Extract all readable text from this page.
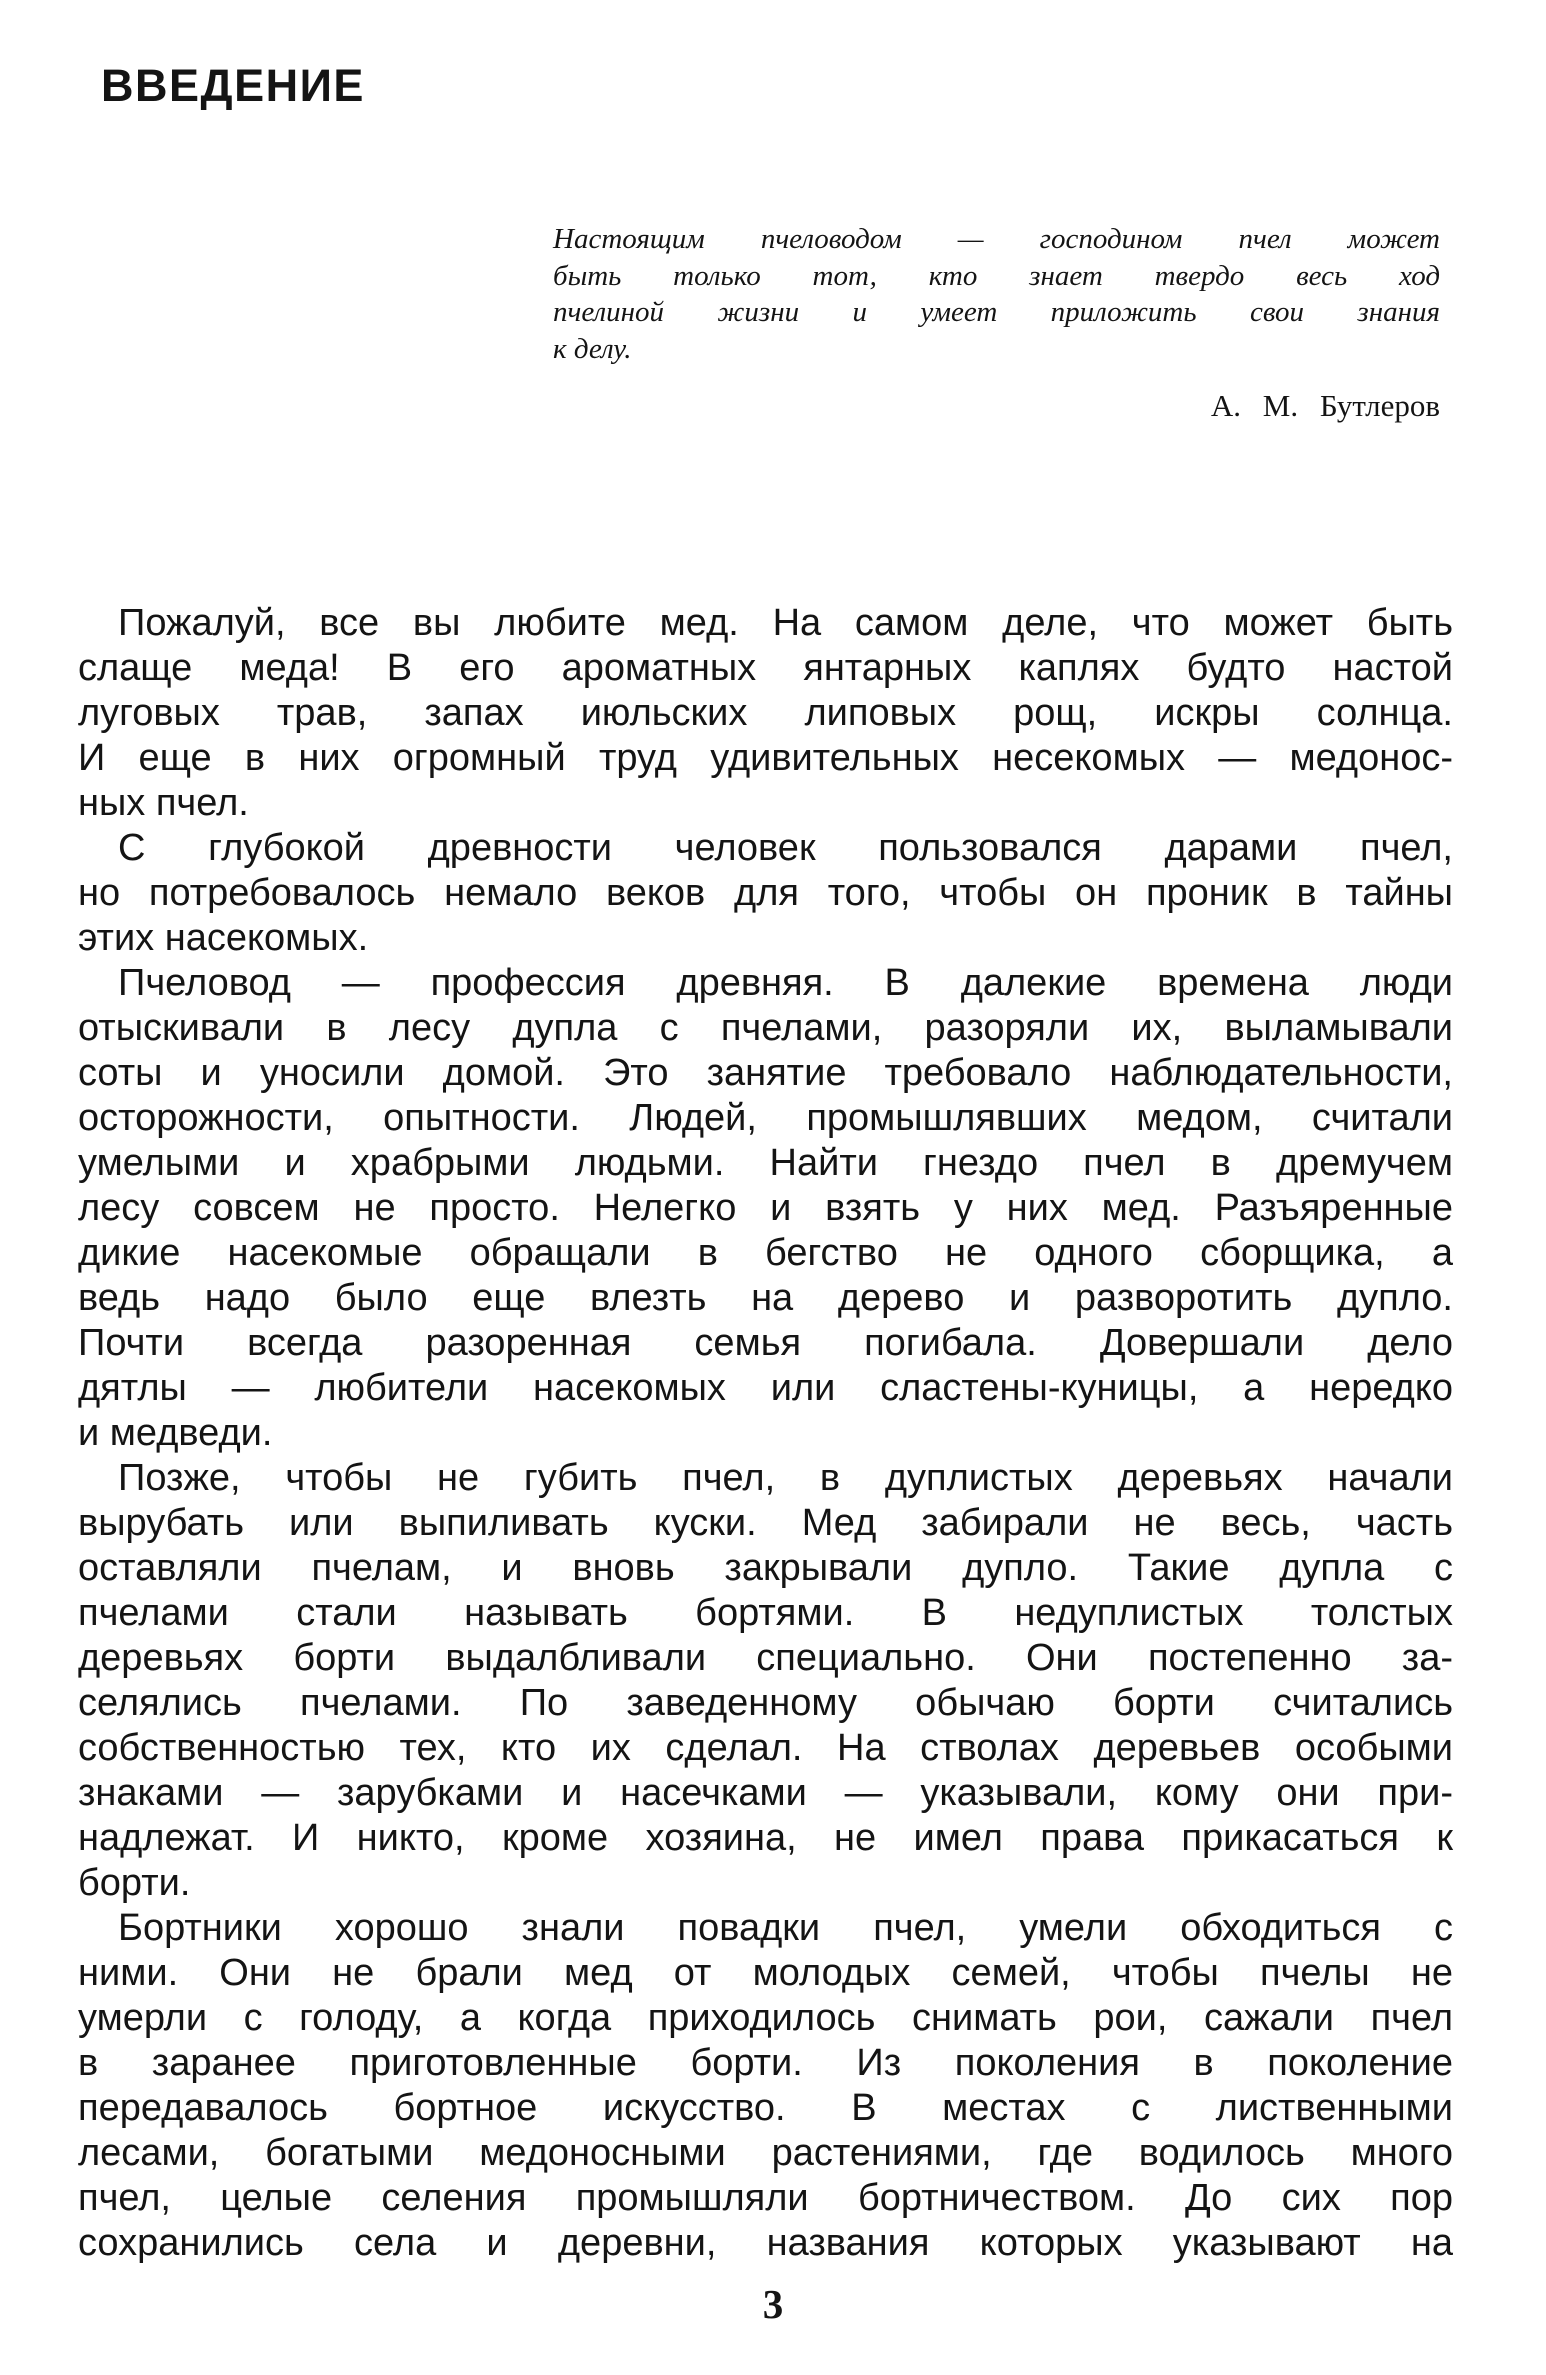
ВВЕДЕНИЕ
Настоящим пчеловодом — господином пчел может
быть только тот, кто знает твердо весь ход
пчелиной жизни и умеет приложить свои знания
к делу.
А. М. Бутлеров
Пожалуй, все вы любите мед. На самом деле, что может быть
слаще меда! В его ароматных янтарных каплях будто настой
луговых трав, запах июльских липовых рощ, искры солнца.
И еще в них огромный труд удивительных несекомых — медонос-
ных пчел.
С глубокой древности человек пользовался дарами пчел,
но потребовалось немало веков для того, чтобы он проник в тайны
этих насекомых.
Пчеловод — профессия древняя. В далекие времена люди
отыскивали в лесу дупла с пчелами, разоряли их, выламывали
соты и уносили домой. Это занятие требовало наблюдательности,
осторожности, опытности. Людей, промышлявших медом, считали
умелыми и храбрыми людьми. Найти гнездо пчел в дремучем
лесу совсем не просто. Нелегко и взять у них мед. Разъяренные
дикие насекомые обращали в бегство не одного сборщика, а
ведь надо было еще влезть на дерево и разворотить дупло.
Почти всегда разоренная семья погибала. Довершали дело
дятлы — любители насекомых или сластены-куницы, а нередко
и медведи.
Позже, чтобы не губить пчел, в дуплистых деревьях начали
вырубать или выпиливать куски. Мед забирали не весь, часть
оставляли пчелам, и вновь закрывали дупло. Такие дупла с
пчелами стали называть бортями. В недуплистых толстых
деревьях борти выдалбливали специально. Они постепенно за-
селялись пчелами. По заведенному обычаю борти считались
собственностью тех, кто их сделал. На стволах деревьев особыми
знаками — зарубками и насечками — указывали, кому они при-
надлежат. И никто, кроме хозяина, не имел права прикасаться к
борти.
Бортники хорошо знали повадки пчел, умели обходиться с
ними. Они не брали мед от молодых семей, чтобы пчелы не
умерли с голоду, а когда приходилось снимать рои, сажали пчел
в заранее приготовленные борти. Из поколения в поколение
передавалось бортное искусство. В местах с лиственными
лесами, богатыми медоносными растениями, где водилось много
пчел, целые селения промышляли бортничеством. До сих пор
сохранились села и деревни, названия которых указывают на
3
